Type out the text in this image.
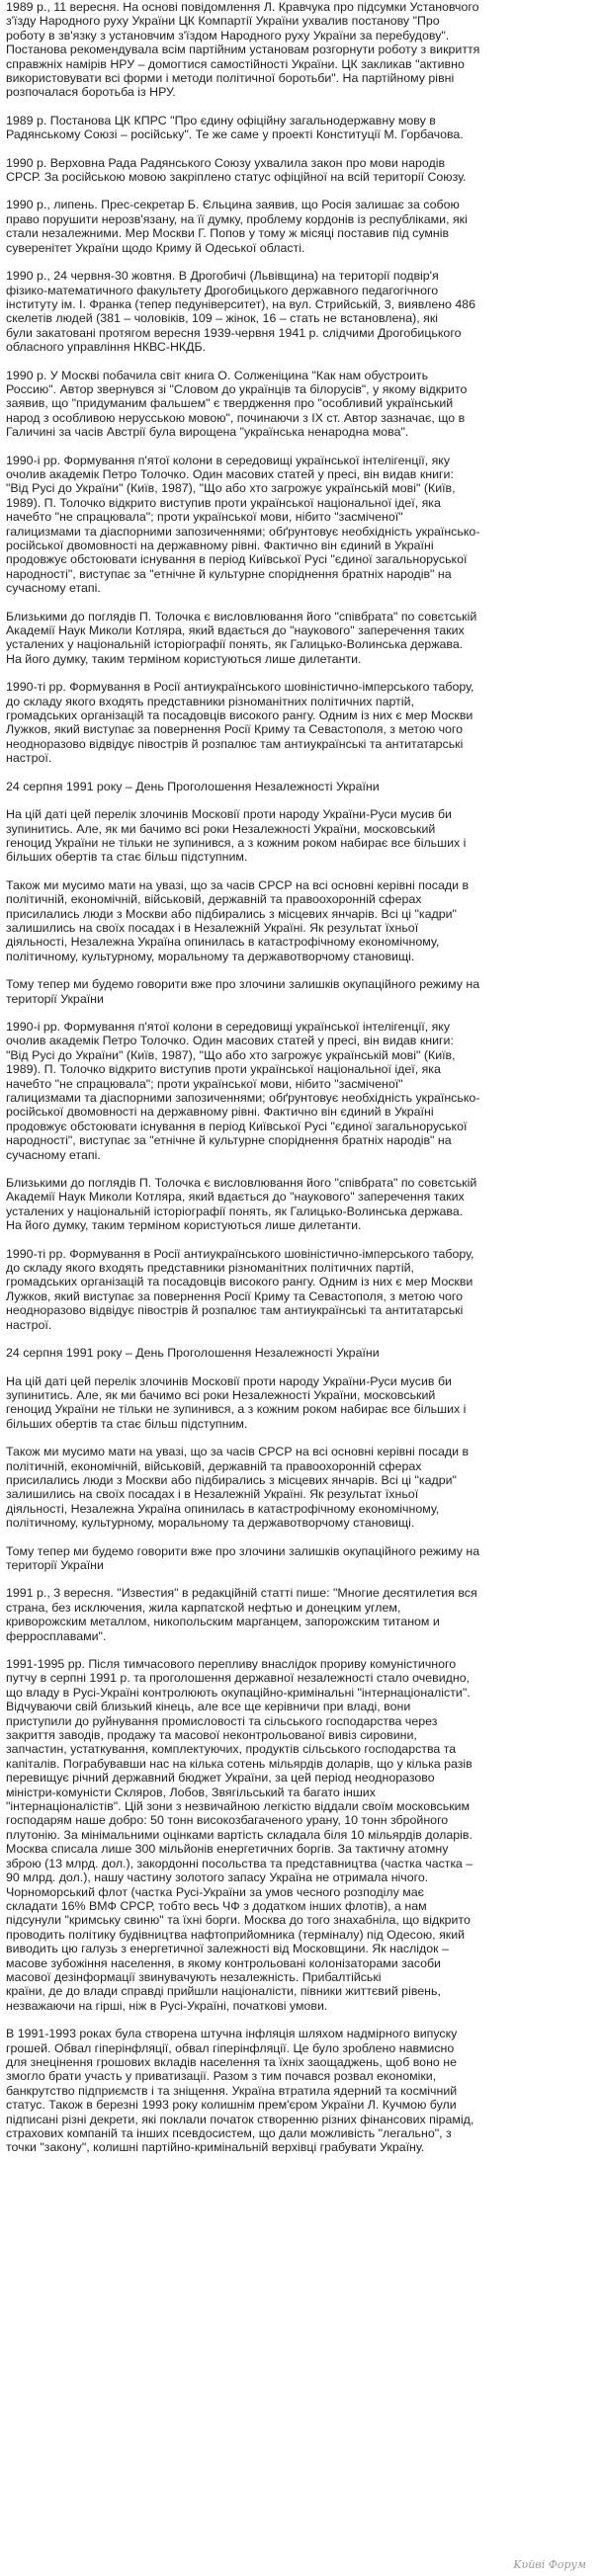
1989 р., 11 вересня. На основі повідомлення Л. Кравчука про підсумки Установчого
з'їзду Народного руху України ЦК Компартії України ухвалив постанову "Про
роботу в зв'язку з установчим з'їздом Народного руху України за перебудову".
Постанова рекомендувала всім партійним установам розгорнути роботу з викриття
справжніх намірів НРУ – домогтися самостійності України. ЦК закликав "активно
використовувати всі форми і методи політичної боротьби". На партійному рівні
розпочалася боротьба із НРУ.

1989 р. Постанова ЦК КПРС "Про єдину офіційну загальнодержавну мову в
Радянському Союзі – російську". Те же саме у проекті Конституції М. Горбачова.

1990 р. Верховна Рада Радянського Союзу ухвалила закон про мови народів
СРСР. За російською мовою закріплено статус офіційної на всій території Союзу.

1990 р., липень. Прес-секретар Б. Єльцина заявив, що Росія залишає за собою
право порушити нерозв'язану, на її думку, проблему кордонів із республіками, які
стали незалежними. Мер Москви Г. Попов у тому ж місяці поставив під сумнів
суверенітет України щодо Криму й Одеської області.

1990 р., 24 червня-30 жовтня. В Дрогобичі (Львівщина) на території подвір'я
фізико-математичного факультету Дрогобицького державного педагогічного
інституту ім. І. Франка (тепер педуніверситет), на вул. Стрийській, 3, виявлено 486
скелетів людей (381 – чоловіків, 109 – жінок, 16 – стать не встановлена), які
були закатовані протягом вересня 1939-червня 1941 р. слідчими Дрогобицького
обласного управління НКВС-НКДБ.

1990 р. У Москві побачила світ книга О. Солженіцина "Как нам обустроить
Россию". Автор звернувся зі "Словом до українців та білорусів", у якому відкрито
заявив, що "придуманим фальшем" є твердження про "особливий український
народ з особливою нерусською мовою", починаючи з IX ст. Автор зазначає, що в
Галичині за часів Австрії була вирощена "українська ненародна мова".

1990-і рр. Формування п'ятої колони в середовищі української інтелігенції, яку
очолив академік Петро Толочко. Один масових статей у пресі, він видав книги:
"Від Русі до України" (Київ, 1987), "Що або хто загрожує українській мові" (Київ,
1989). П. Толочко відкрито виступив проти української національної ідеї, яка
начебто "не спрацювала"; проти української мови, нібито "засміченої"
галицизмами та діаспорними запозиченнями; обґрунтовує необхідність українсько-
російської двомовності на державному рівні. Фактично він єдиний в Україні
продовжує обстоювати існування в період Київської Русі "єдиної загальноруської
народності", виступає за "етнічне й культурне споріднення братніх народів" на
сучасному етапі.

Близькими до поглядів П. Толочка є висловлювання його "співбрата" по совєтській
Академії Наук Миколи Котляра, який вдається до "наукового" заперечення таких
усталених у національній історіографії понять, як Галицько-Волинська держава.
На його думку, таким терміном користуються лише дилетанти.

1990-ті рр. Формування в Росії антиукраїнського шовіністично-імперського табору,
до складу якого входять представники різноманітних політичних партій,
громадських організацій та посадовців високого рангу. Одним із них є мер Москви
Лужков, який виступає за повернення Росії Криму та Севастополя, з метою чого
неодноразово відвідує півострів й розпалює там антиукраїнські та антитатарські
настрої.

24 серпня 1991 року – День Проголошення Незалежності України

На цій даті цей перелік злочинів Московії проти народу України-Руси мусив би
зупинитись. Але, як ми бачимо всі роки Незалежності України, московський
геноцид України не тільки не зупинився, а з кожним роком набирає все більших і
більших обертів та стає більш підступним.

Також ми мусимо мати на увазі, що за часів СРСР на всі основні керівні посади в
політичній, економічній, військовій, державній та правоохоронній сферах
присилались люди з Москви або підбирались з місцевих янчарів. Всі ці "кадри"
залишились на своїх посадах і в Незалежній Україні. Як результат їхньої
діяльності, Незалежна Україна опинилась в катастрофічному економічному,
політичному, культурному, моральному та державотворчому становищі.

Тому тепер ми будемо говорити вже про злочини залишків окупаційного режиму на
території України

1990-і рр. Формування п'ятої колони в середовищі української інтелігенції, яку
очолив академік Петро Толочко. Один масових статей у пресі, він видав книги:
"Від Русі до України" (Київ, 1987), "Що або хто загрожує українській мові" (Київ,
1989). П. Толочко відкрито виступив проти української національної ідеї, яка
начебто "не спрацювала"; проти української мови, нібито "засміченої"
галицизмами та діаспорними запозиченнями; обґрунтовує необхідність українсько-
російської двомовності на державному рівні. Фактично він єдиний в Україні
продовжує обстоювати існування в період Київської Русі "єдиної загальноруської
народності", виступає за "етнічне й культурне споріднення братніх народів" на
сучасному етапі.

Близькими до поглядів П. Толочка є висловлювання його "співбрата" по совєтській
Академії Наук Миколи Котляра, який вдається до "наукового" заперечення таких
усталених у національній історіографії понять, як Галицько-Волинська держава.
На його думку, таким терміном користуються лише дилетанти.

1990-ті рр. Формування в Росії антиукраїнського шовіністично-імперського табору,
до складу якого входять представники різноманітних політичних партій,
громадських організацій та посадовців високого рангу. Одним із них є мер Москви
Лужков, який виступає за повернення Росії Криму та Севастополя, з метою чого
неодноразово відвідує півострів й розпалює там антиукраїнські та антитатарські
настрої.

24 серпня 1991 року – День Проголошення Незалежності України

На цій даті цей перелік злочинів Московії проти народу України-Руси мусив би
зупинитись. Але, як ми бачимо всі роки Незалежності України, московський
геноцид України не тільки не зупинився, а з кожним роком набирає все більших і
більших обертів та стає більш підступним.

Також ми мусимо мати на увазі, що за часів СРСР на всі основні керівні посади в
політичній, економічній, військовій, державній та правоохоронній сферах
присилались люди з Москви або підбирались з місцевих янчарів. Всі ці "кадри"
залишились на своїх посадах і в Незалежній Україні. Як результат їхньої
діяльності, Незалежна Україна опинилась в катастрофічному економічному,
політичному, культурному, моральному та державотворчому становищі.

Тому тепер ми будемо говорити вже про злочини залишків окупаційного режиму на
території України

1991 р., 3 вересня. "Известия" в редакційній статті пише: "Многие десятилетия вся
страна, без исключения, жила карпатской нефтью и донецким углем,
криворожским металлом, никопольским марганцем, запорожским титаном и
ферросплавами".

1991-1995 рр. Після тимчасового перепливу внаслідок прориву комуністичного
путчу в серпні 1991 р. та проголошення державної незалежності стало очевидно,
що владу в Русі-Україні контролюють окупаційно-кримінальні "інтернаціоналісти".
Відчуваючи свій близький кінець, але все ще керівничи при владі, вони
приступили до руйнування промисловості та сільського господарства через
закриття заводів, продажу та масової неконтрольованої вивіз сировини,
запчастин, устаткування, комплектуючих, продуктів сільського господарства та
капіталів. Пограбувавши нас на кілька сотень мільярдів доларів, що у кілька разів
перевищує річний державний бюджет України, за цей період неодноразово
міністри-комуністи Скляров, Лобов, Звягільський та багато інших
"інтернаціоналістів". Цій зони з незвичайною легкістю віддали своїм московським
господарям наше добро: 50 тонн високозбагаченого урану, 10 тонн збройного
плутонію. За мінімальними оцінками вартість складала біля 10 мільярдів доларів.
Москва списала лише 300 мільйонів енергетичних боргів. За тактичну атомну
зброю (13 млрд. дол.), закордонні посольства та представництва (частка часткa –
90 млрд. дол.), нашу частину золотого запасу Україна не отримала нічого.
Чорноморський флот (частка Русі-України за умов чесного розподілу має
складати 16% ВМФ СРСР, тобто весь ЧФ з додатком інших флотів), а нам
підсунули "кримську свиню" та їхні борги. Москва до того знахабніла, що відкрито
проводить політику будівництва нафтоприйомника (терміналу) під Одесою, який
виводить цю галузь з енергетичної залежності від Московщини. Як наслідок –
масове зубожіння населення, в якому контрольовані колонізаторами засоби
масової дезінформації звинувачують незалежність. Прибалтійські
країни, де до влади справді прийшли націоналісти, півники життєвий рівень,
незважаючи на гірші, ніж в Русі-Україні, початкові умови.

В 1991-1993 роках була створена штучна інфляція шляхом надмірного випуску
грошей. Обвал гіперінфляції, обвал гіперінфляції. Це було зроблено навмисно
для знецінення грошових вкладів населення та їхніх заощаджень, щоб воно не
змогло брати участь у приватизації. Разом з тим почався розвал економіки,
банкрутство підприємств і та зніщення. Україна втратила ядерний та космічний
статус. Також в березні 1993 року колишнім прем'єром України Л. Кучмою були
підписані різні декрети, які поклали початок створенню різних фінансових пірамід,
страхових компаній та інших псевдосистем, що дали можливість "легально", з
точки "закону", колишні партійно-кримінальній верхівці грабувати Україну.

Κυйві Фοрум
